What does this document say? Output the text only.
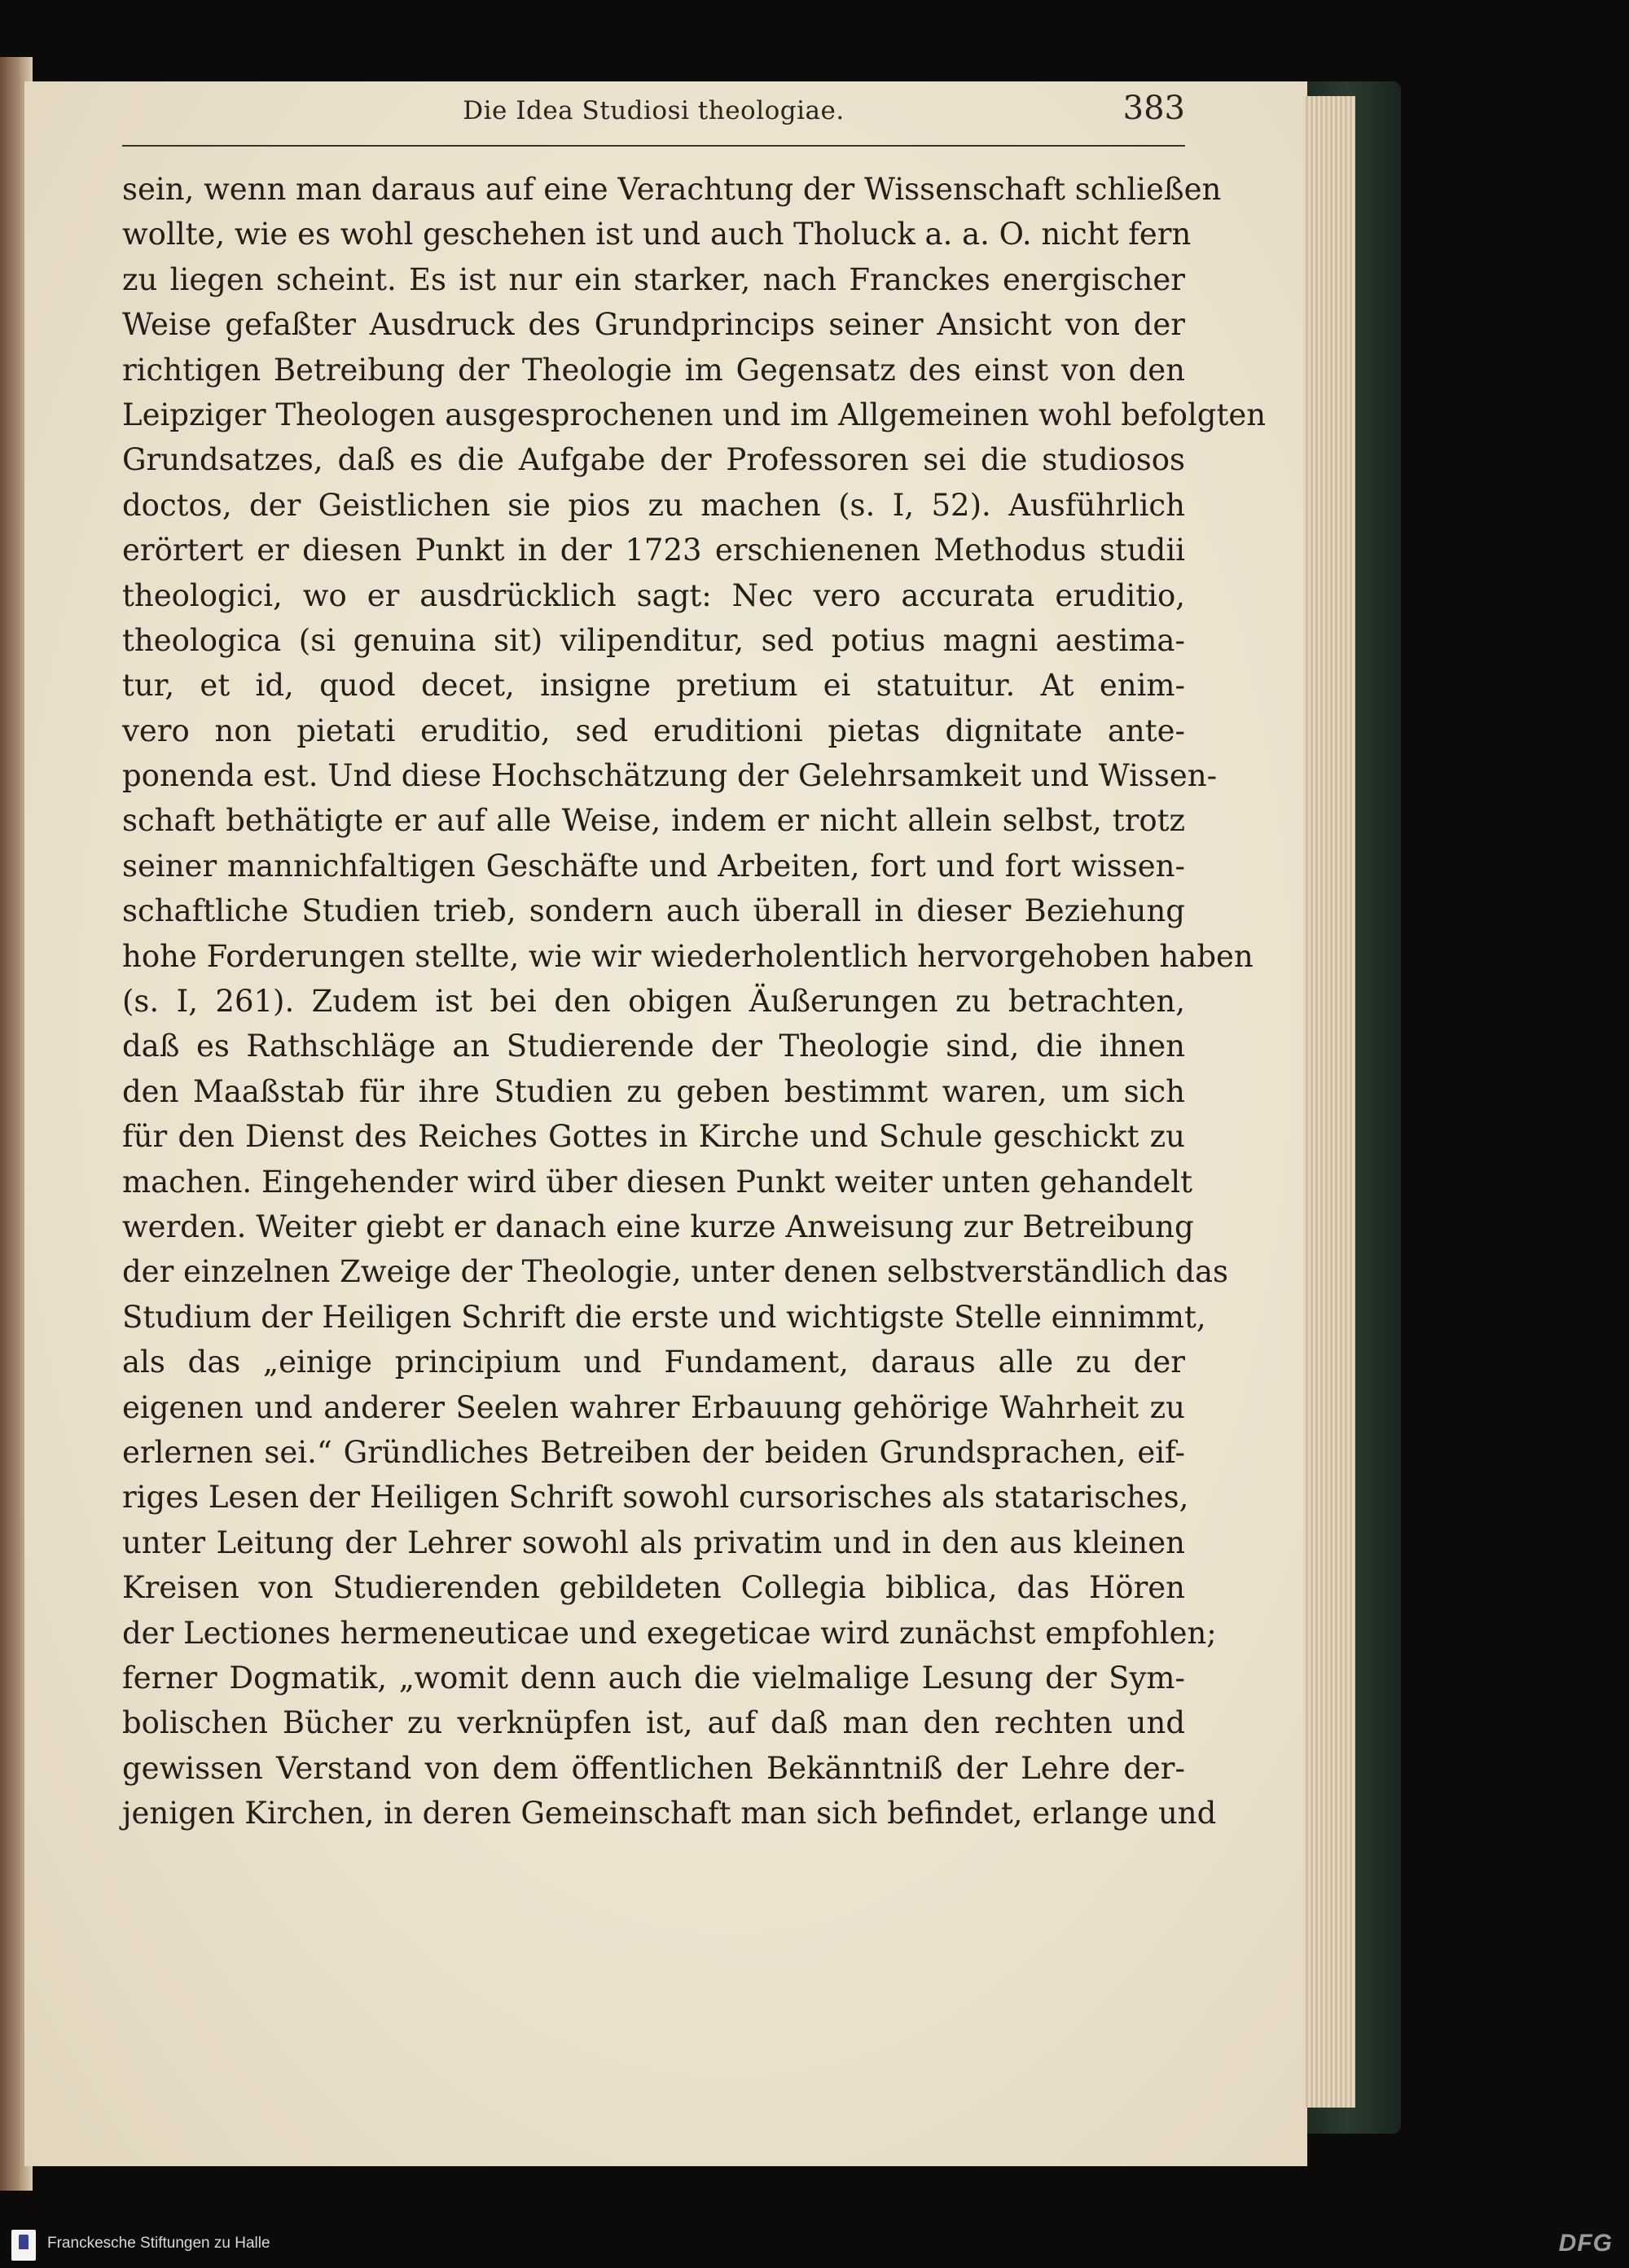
Die Idea Studiosi theologiae.	383
sein, wenn man daraus auf eine Verachtung der Wissenschaft schließen
wollte, wie es wohl geschehen ist und auch Tholuck a. a. O. nicht fern
zu liegen scheint. Es ist nur ein starker, nach Franckes energischer
Weise gefaßter Ausdruck des Grundprincips seiner Ansicht von der
richtigen Betreibung der Theologie im Gegensatz des einst von den
Leipziger Theologen ausgesprochenen und im Allgemeinen wohl befolgten
Grundsatzes, daß es die Aufgabe der Professoren sei die studiosos
doctos, der Geistlichen sie pios zu machen (s. I, 52). Ausführlich
erörtert er diesen Punkt in der 1723 erschienenen Methodus studii
theologici, wo er ausdrücklich sagt: Nec vero accurata eruditio,
theologica (si genuina sit) vilipenditur, sed potius magni aestima-
tur, et id, quod decet, insigne pretium ei statuitur. At enim-
vero non pietati eruditio, sed eruditioni pietas dignitate ante-
ponenda est. Und diese Hochschätzung der Gelehrsamkeit und Wissen-
schaft bethätigte er auf alle Weise, indem er nicht allein selbst, trotz
seiner mannichfaltigen Geschäfte und Arbeiten, fort und fort wissen-
schaftliche Studien trieb, sondern auch überall in dieser Beziehung
hohe Forderungen stellte, wie wir wiederholentlich hervorgehoben haben
(s. I, 261). Zudem ist bei den obigen Äußerungen zu betrachten,
daß es Rathschläge an Studierende der Theologie sind, die ihnen
den Maaßstab für ihre Studien zu geben bestimmt waren, um sich
für den Dienst des Reiches Gottes in Kirche und Schule geschickt zu
machen. Eingehender wird über diesen Punkt weiter unten gehandelt
werden. Weiter giebt er danach eine kurze Anweisung zur Betreibung
der einzelnen Zweige der Theologie, unter denen selbstverständlich das
Studium der Heiligen Schrift die erste und wichtigste Stelle einnimmt,
als das „einige principium und Fundament, daraus alle zu der
eigenen und anderer Seelen wahrer Erbauung gehörige Wahrheit zu
erlernen sei.“ Gründliches Betreiben der beiden Grundsprachen, eif-
riges Lesen der Heiligen Schrift sowohl cursorisches als statarisches,
unter Leitung der Lehrer sowohl als privatim und in den aus kleinen
Kreisen von Studierenden gebildeten Collegia biblica, das Hören
der Lectiones hermeneuticae und exegeticae wird zunächst empfohlen;
ferner Dogmatik, „womit denn auch die vielmalige Lesung der Sym-
bolischen Bücher zu verknüpfen ist, auf daß man den rechten und
gewissen Verstand von dem öffentlichen Bekänntniß der Lehre der-
jenigen Kirchen, in deren Gemeinschaft man sich befindet, erlange und
Franckesche Stiftungen zu Halle	DFG
